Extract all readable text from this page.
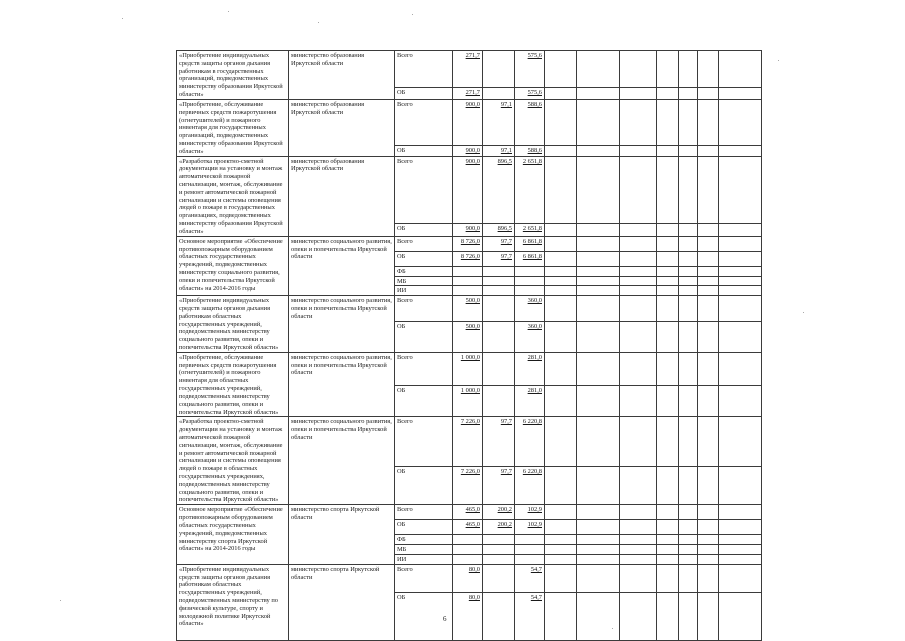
«Приобретение индивидуальных средств защиты органов дыхания работникам в государственных организаций, подведомственных министерству образования Иркутской области»	министерство образования Иркутской области	Всего	271,7		575,6							
		ОБ	271,7		575,6							
«Приобретение, обслуживание первичных средств пожаротушения (огнетушителей) и пожарного инвентаря для государственных организаций, подведомственных министерству образования Иркутской области»	министерство образования Иркутской области	Всего	900,0	97,1	588,6							
		ОБ	900,0	97,1	588,6							
«Разработка проектно-сметной документации на установку и монтаж автоматической пожарной сигнализации, монтаж, обслуживание и ремонт автоматической пожарной сигнализации и системы оповещения людей о пожаре в государственных организациях, подведомственных министерству образования Иркутской области»	министерство образования Иркутской области	Всего	900,0	896,5	2 651,8							
		ОБ	900,0	896,5	2 651,8							
Основное мероприятие «Обеспечение противопожарным оборудованием областных государственных учреждений, подведомственных министерству социального развития, опеки и попечительства Иркутской области» на 2014-2016 годы	министерство социального развития, опеки и попечительства Иркутской области	Всего	8 726,0	97,7	6 861,8							
		ОБ	8 726,0	97,7	6 861,8							
		ФБ										
		МБ										
		ИИ										
«Приобретение индивидуальных средств защиты органов дыхания работникам областных государственных учреждений, подведомственных министерству социального развития, опеки и попечительства Иркутской области»	министерство социального развития, опеки и попечительства Иркутской области	Всего	500,0		360,0							
		ОБ	500,0		360,0							
«Приобретение, обслуживание первичных средств пожаротушения (огнетушителей) и пожарного инвентаря для областных государственных учреждений, подведомственных министерству социального развития, опеки и попечительства Иркутской области»	министерство социального развития, опеки и попечительства Иркутской области	Всего	1 000,0		281,0							
		ОБ	1 000,0		281,0							
«Разработка проектно-сметной документации на установку и монтаж автоматической пожарной сигнализации, монтаж, обслуживание и ремонт автоматической пожарной сигнализации и системы оповещения людей о пожаре в областных государственных учреждениях, подведомственных министерству социального развития, опеки и попечительства Иркутской области»	министерство социального развития, опеки и попечительства Иркутской области	Всего	7 226,0	97,7	6 220,8							
		ОБ	7 226,0	97,7	6 220,8							
Основное мероприятие «Обеспечение противопожарным оборудованием областных государственных учреждений, подведомственных министерству спорта Иркутской области» на 2014-2016 годы	министерство спорта Иркутской области	Всего	465,0	200,2	102,9							
		ОБ	465,0	200,2	102,9							
		ФБ										
		МБ										
		ИИ										
«Приобретение индивидуальных средств защиты органов дыхания работникам областных государственных учреждений, подведомственных министерству по физической культуре, спорту и молодежной политике Иркутской области»	министерство спорта Иркутской области	Всего	80,0		54,7							
		ОБ	80,0		54,7							
6
